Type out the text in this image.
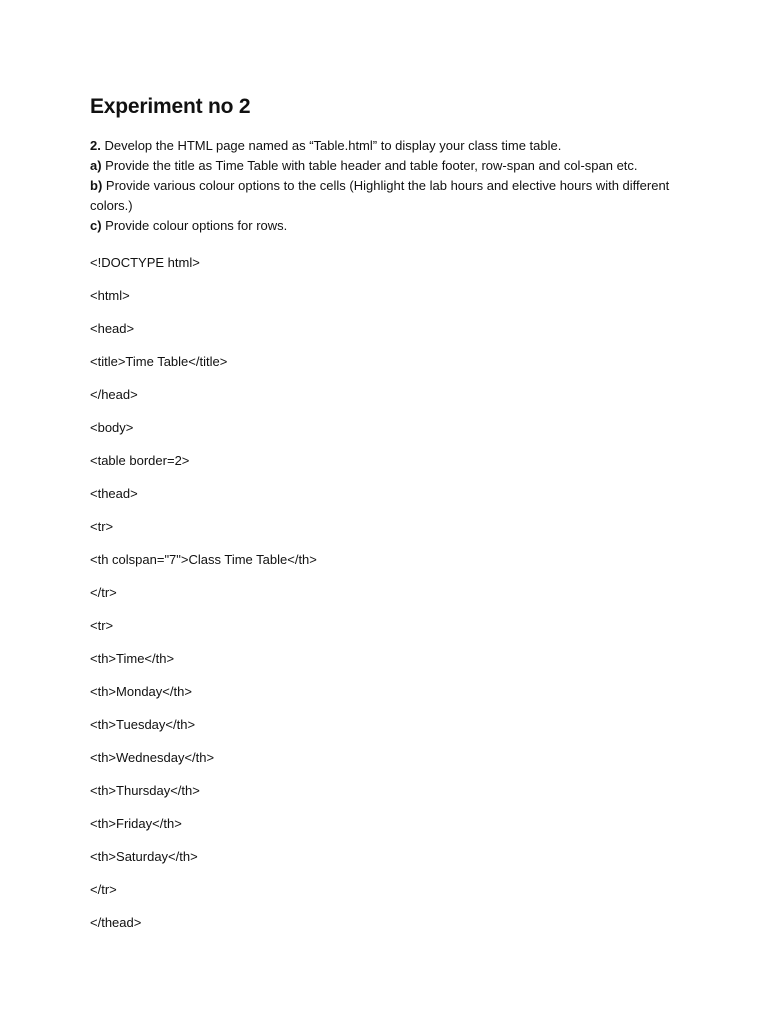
Experiment no 2
2. Develop the HTML page named as “Table.html” to display your class time table.
a) Provide the title as Time Table with table header and table footer, row-span and col-span etc.
b) Provide various colour options to the cells (Highlight the lab hours and elective hours with different colors.)
c) Provide colour options for rows.
<!DOCTYPE html>
<html>
<head>
<title>Time Table</title>
</head>
<body>
<table border=2>
<thead>
<tr>
<th colspan="7">Class Time Table</th>
</tr>
<tr>
<th>Time</th>
<th>Monday</th>
<th>Tuesday</th>
<th>Wednesday</th>
<th>Thursday</th>
<th>Friday</th>
<th>Saturday</th>
</tr>
</thead>
